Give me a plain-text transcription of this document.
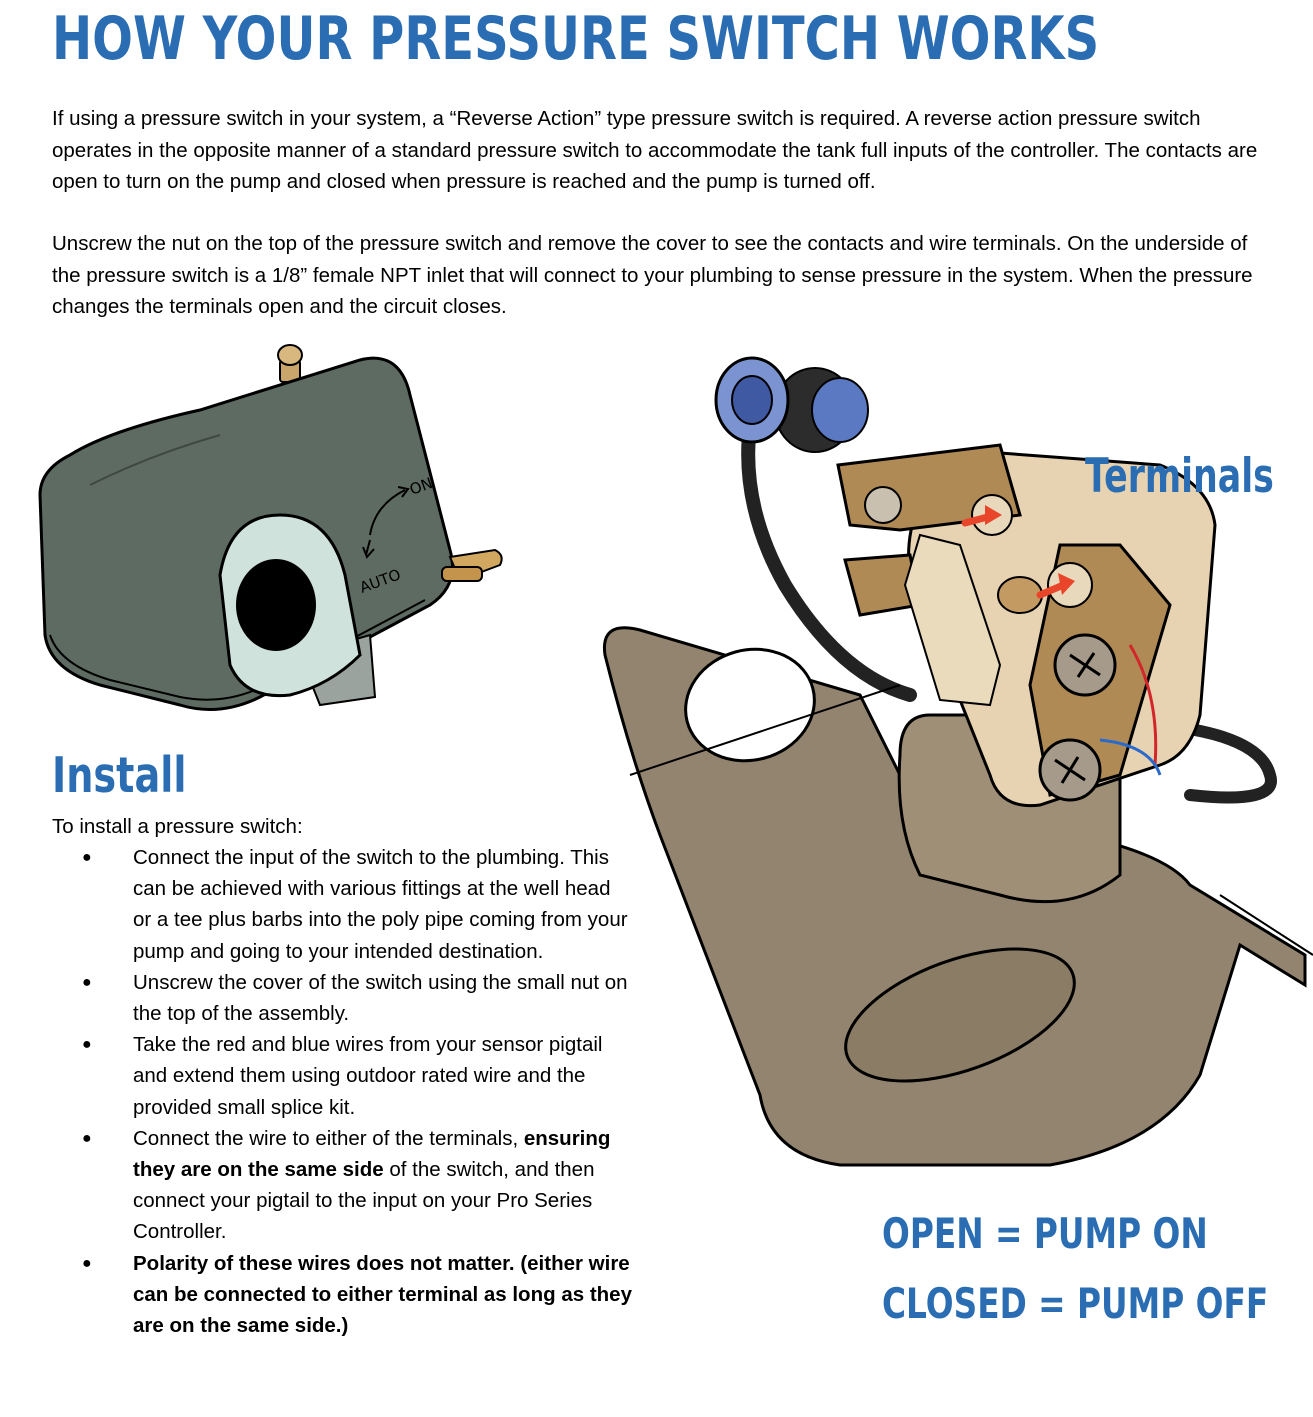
HOW YOUR PRESSURE SWITCH WORKS

If using a pressure switch in your system, a “Reverse Action” type pressure switch is required. A reverse action pressure switch operates in the opposite manner of a standard pressure switch to accommodate the tank full inputs of the controller. The contacts are open to turn on the pump and closed when pressure is reached and the pump is turned off.

Unscrew the nut on the top of the pressure switch and remove the cover to see the contacts and wire terminals. On the underside of the pressure switch is a 1/8” female NPT inlet that will connect to your plumbing to sense pressure in the system. When the pressure changes the terminals open and the circuit closes.

ON
AUTO
Terminals
Install

To install a pressure switch:

● Connect the input of the switch to the plumbing. This can be achieved with various fittings at the well head or a tee plus barbs into the poly pipe coming from your pump and going to your intended destination.
● Unscrew the cover of the switch using the small nut on the top of the assembly.
● Take the red and blue wires from your sensor pigtail and extend them using outdoor rated wire and the provided small splice kit.
● Connect the wire to either of the terminals, ensuring they are on the same side of the switch, and then connect your pigtail to the input on your Pro Series Controller.
● Polarity of these wires does not matter. (either wire can be connected to either terminal as long as they are on the same side.)
OPEN = PUMP ON
CLOSED = PUMP OFF
